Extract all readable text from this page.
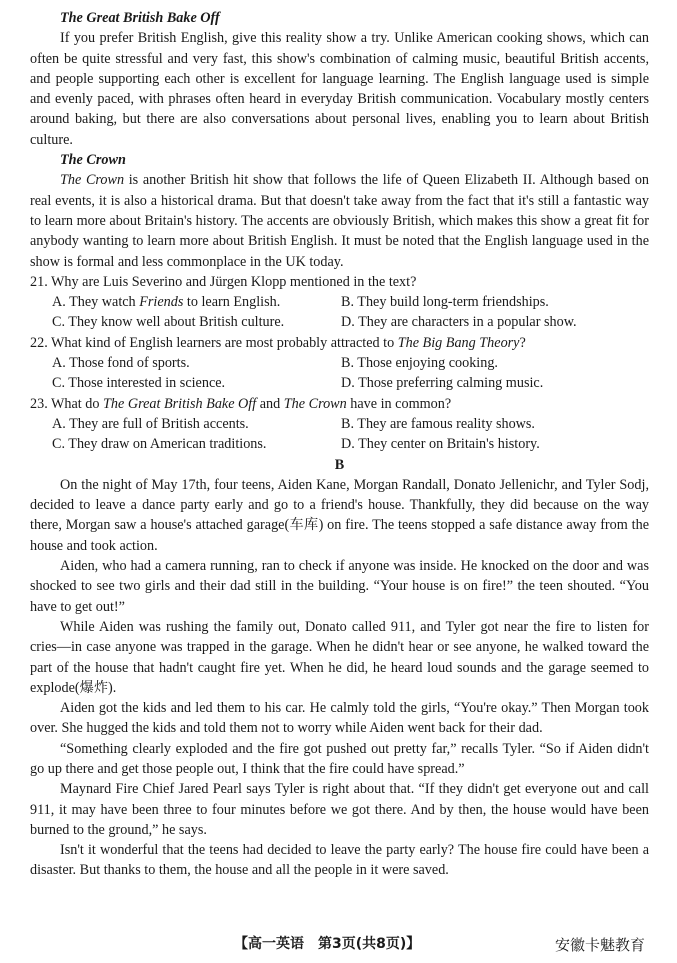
The Great British Bake Off

If you prefer British English, give this reality show a try. Unlike American cooking shows, which can often be quite stressful and very fast, this show's combination of calming music, beautiful British accents, and people supporting each other is excellent for language learning. The English language used is simple and evenly paced, with phrases often heard in everyday British communication. Vocabulary mostly centers around baking, but there are also conversations about personal lives, enabling you to learn about British culture.

The Crown

The Crown is another British hit show that follows the life of Queen Elizabeth II. Although based on real events, it is also a historical drama. But that doesn't take away from the fact that it's still a fantastic way to learn more about Britain's history. The accents are obviously British, which makes this show a great fit for anybody wanting to learn more about British English. It must be noted that the English language used in the show is formal and less commonplace in the UK today.

21. Why are Luis Severino and Jürgen Klopp mentioned in the text?
A. They watch Friends to learn English.	B. They build long-term friendships.
C. They know well about British culture.	D. They are characters in a popular show.
22. What kind of English learners are most probably attracted to The Big Bang Theory?
A. Those fond of sports.	B. Those enjoying cooking.
C. Those interested in science.	D. Those preferring calming music.
23. What do The Great British Bake Off and The Crown have in common?
A. They are full of British accents.	B. They are famous reality shows.
C. They draw on American traditions.	D. They center on Britain's history.
B

On the night of May 17th, four teens, Aiden Kane, Morgan Randall, Donato Jellenichr, and Tyler Sodj, decided to leave a dance party early and go to a friend's house. Thankfully, they did because on the way there, Morgan saw a house's attached garage(车库) on fire. The teens stopped a safe distance away from the house and took action.

Aiden, who had a camera running, ran to check if anyone was inside. He knocked on the door and was shocked to see two girls and their dad still in the building. “Your house is on fire!” the teen shouted. “You have to get out!”

While Aiden was rushing the family out, Donato called 911, and Tyler got near the fire to listen for cries—in case anyone was trapped in the garage. When he didn't hear or see anyone, he walked toward the part of the house that hadn't caught fire yet. When he did, he heard loud sounds and the garage seemed to explode(爆炸).

Aiden got the kids and led them to his car. He calmly told the girls, “You're okay.” Then Morgan took over. She hugged the kids and told them not to worry while Aiden went back for their dad.

“Something clearly exploded and the fire got pushed out pretty far,” recalls Tyler. “So if Aiden didn't go up there and get those people out, I think that the fire could have spread.”

Maynard Fire Chief Jared Pearl says Tyler is right about that. “If they didn't get everyone out and call 911, it may have been three to four minutes before we got there. And by then, the house would have been burned to the ground,” he says.

Isn't it wonderful that the teens had decided to leave the party early? The house fire could have been a disaster. But thanks to them, the house and all the people in it were saved.

【高一英语　第3页(共8页)】	安徽卡魅教育
